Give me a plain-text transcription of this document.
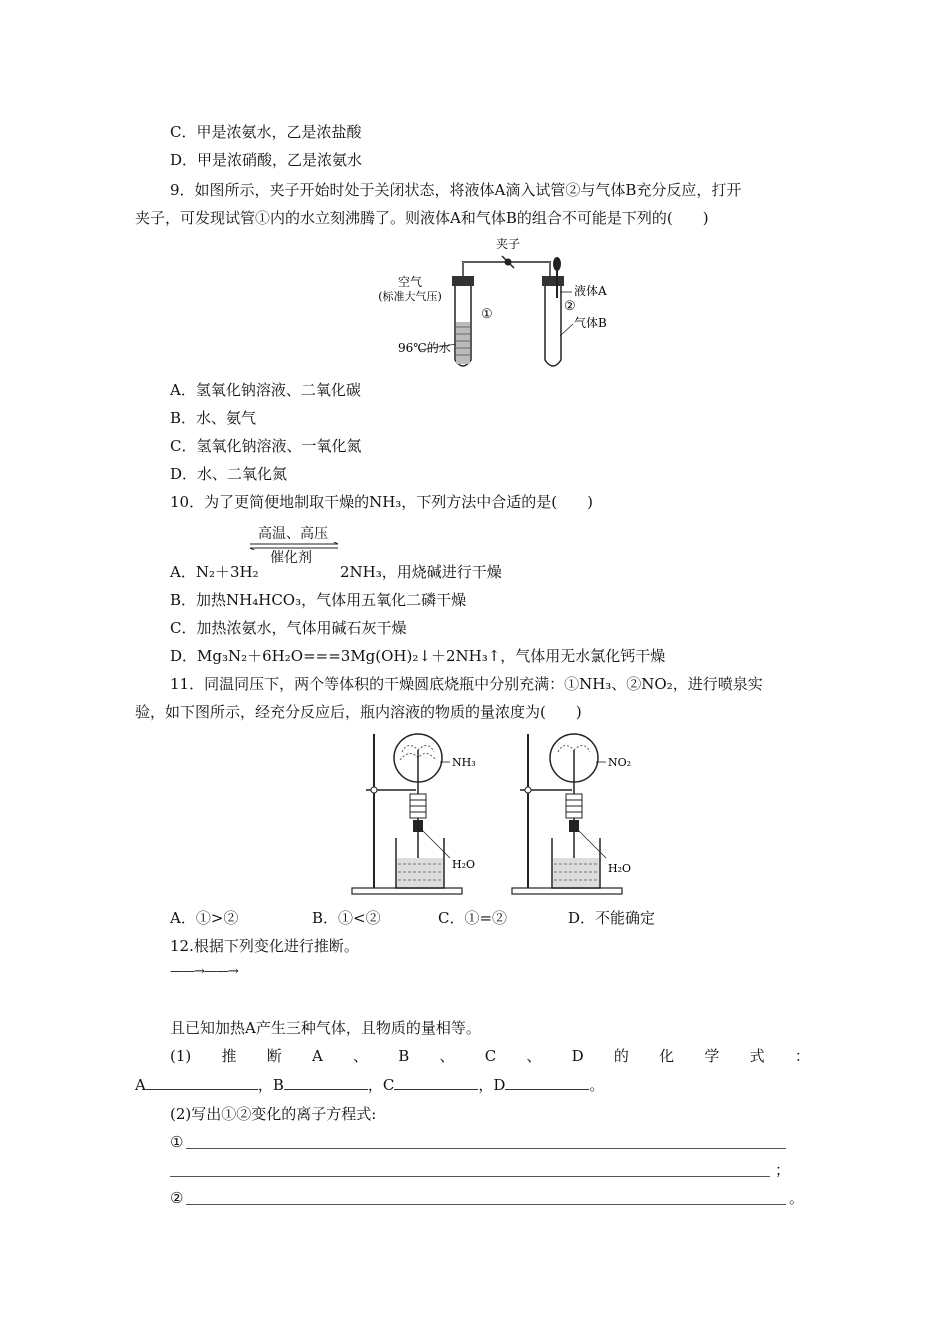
C．甲是浓氨水，乙是浓盐酸
D．甲是浓硝酸，乙是浓氨水
9．如图所示，夹子开始时处于关闭状态，将液体A滴入试管②与气体B充分反应，打开
夹子，可发现试管①内的水立刻沸腾了。则液体A和气体B的组合不可能是下列的(　　)
夹子
空气
(标准大气压)
①
②
液体A
气体B
96℃的水
A．氢氧化钠溶液、二氧化碳
B．水、氨气
C．氢氧化钠溶液、一氧化氮
D．水、二氧化氮
10．为了更简便地制取干燥的NH₃，下列方法中合适的是(　　)
高温、高压
催化剂
A．N₂＋3H₂	2NH₃，用烧碱进行干燥
B．加热NH₄HCO₃，气体用五氧化二磷干燥
C．加热浓氨水，气体用碱石灰干燥
D．Mg₃N₂＋6H₂O===3Mg(OH)₂↓＋2NH₃↑，气体用无水氯化钙干燥
11．同温同压下，两个等体积的干燥圆底烧瓶中分别充满：①NH₃、②NO₂，进行喷泉实
验，如下图所示，经充分反应后，瓶内溶液的物质的量浓度为(　　)
NH₃
H₂O
NO₂
H₂O
A．①>②	B．①<②	C．①=②	D．不能确定
12.根据下列变化进行推断。
——→——→
且已知加热A产生三种气体，且物质的量相等。
(1) 推 断 A 、 B 、 C 、 D 的 化 学 式 ：
A	，B	，C	，D	。
(2)写出①②变化的离子方程式:
①
；
②	。
